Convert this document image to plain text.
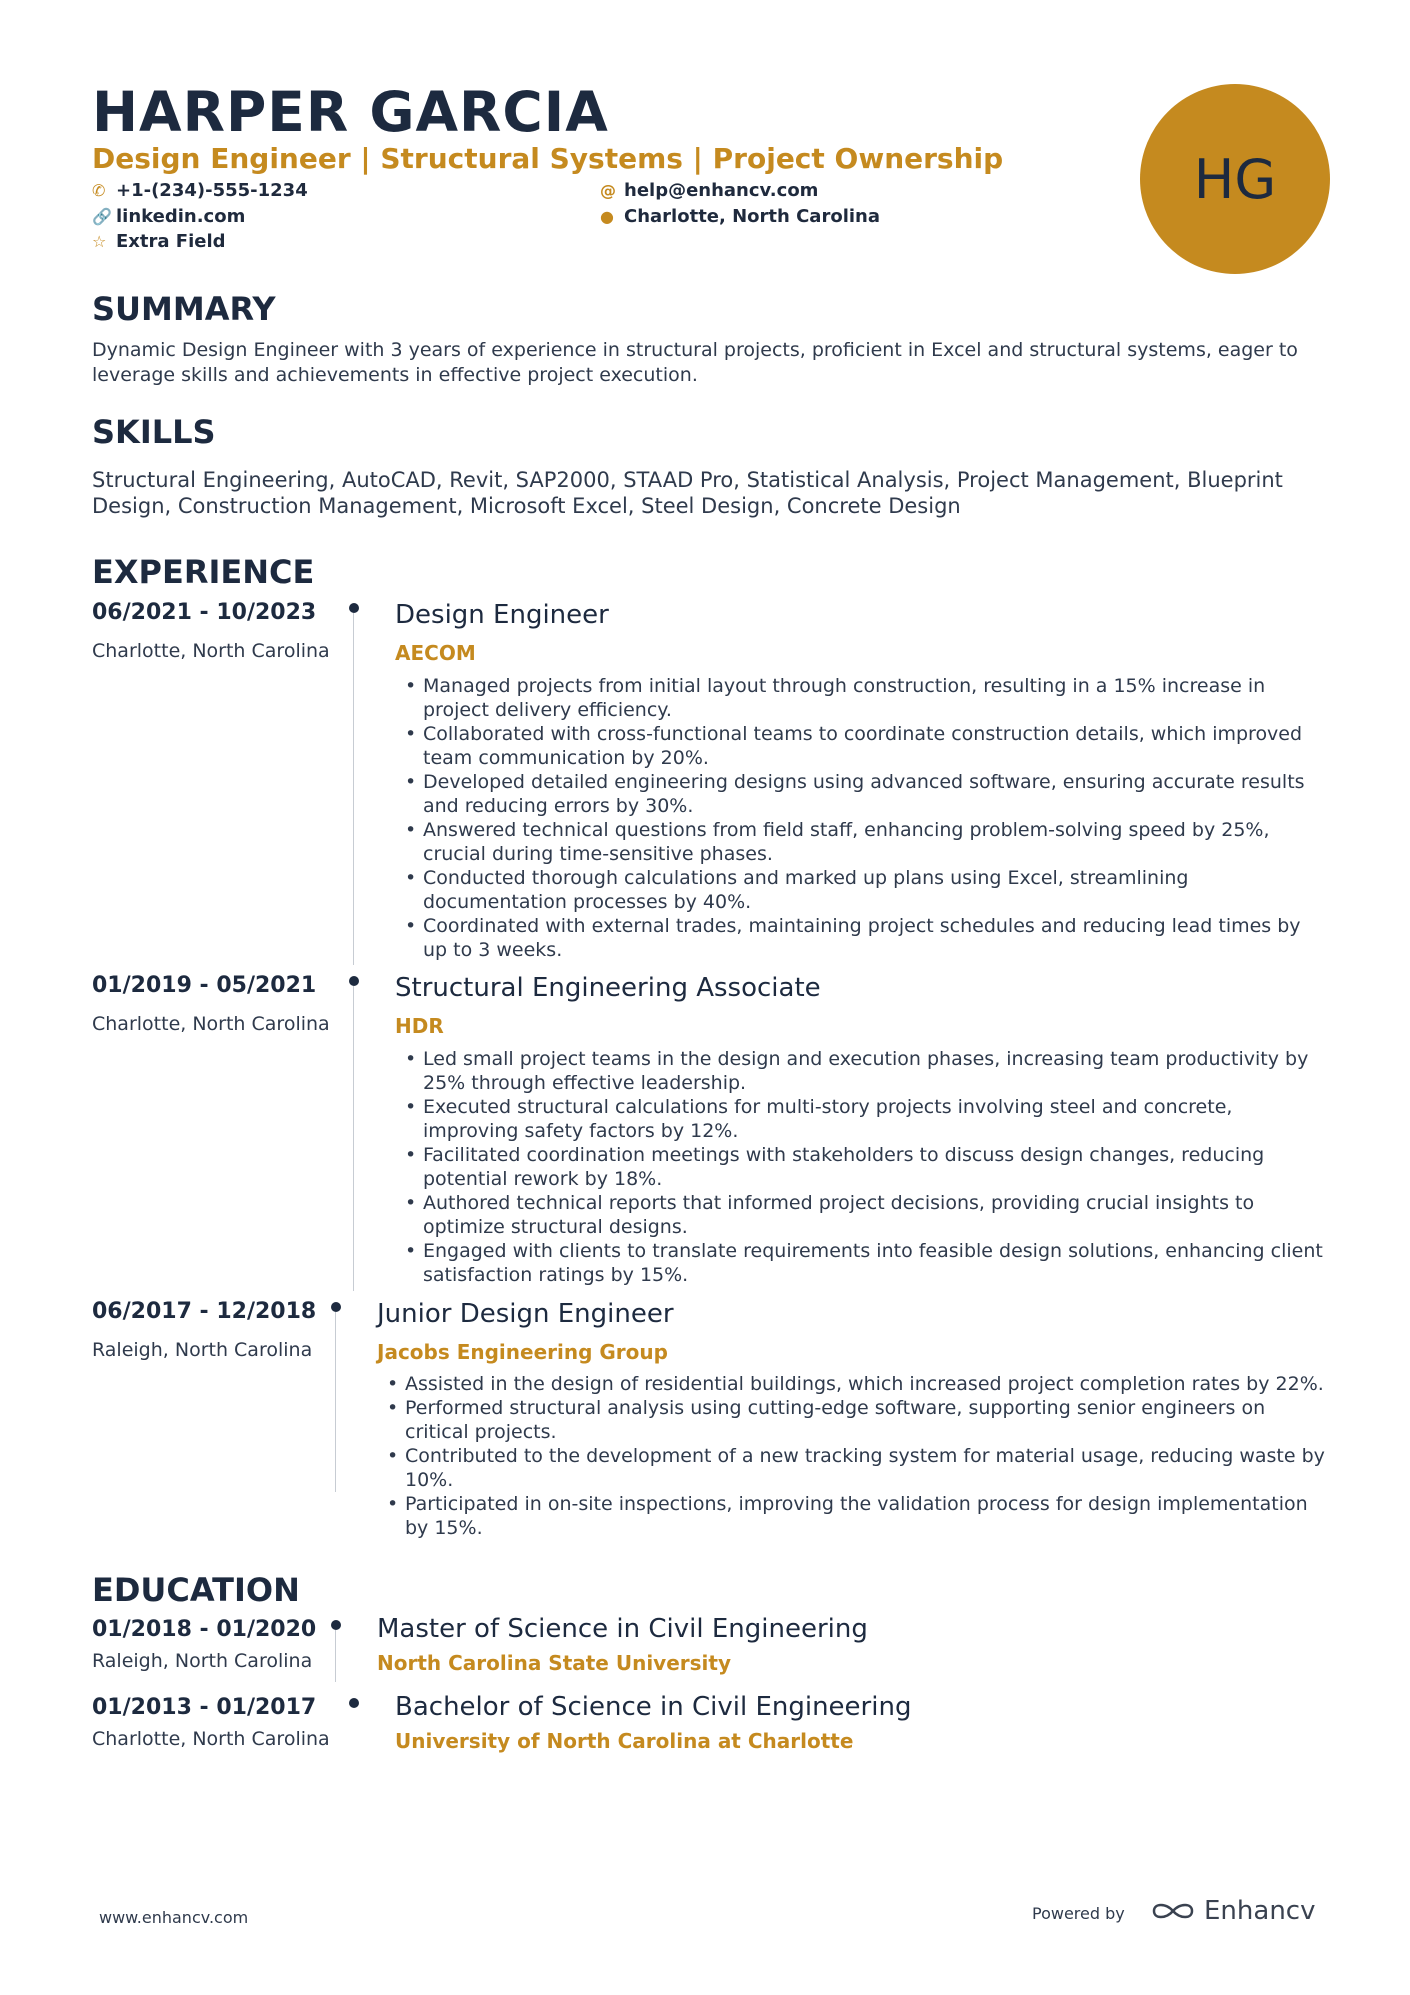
HARPER GARCIA
Design Engineer | Structural Systems | Project Ownership
✆ +1-(234)-555-1234	@ help@enhancv.com
🔗 linkedin.com	● Charlotte, North Carolina
☆ Extra Field
HG
SUMMARY
Dynamic Design Engineer with 3 years of experience in structural projects, proficient in Excel and structural systems, eager to leverage skills and achievements in effective project execution.
SKILLS
Structural Engineering, AutoCAD, Revit, SAP2000, STAAD Pro, Statistical Analysis, Project Management, Blueprint Design, Construction Management, Microsoft Excel, Steel Design, Concrete Design
EXPERIENCE
06/2021 - 10/2023
Charlotte, North Carolina
Design Engineer
AECOM
• Managed projects from initial layout through construction, resulting in a 15% increase in project delivery efficiency.
• Collaborated with cross-functional teams to coordinate construction details, which improved team communication by 20%.
• Developed detailed engineering designs using advanced software, ensuring accurate results and reducing errors by 30%.
• Answered technical questions from field staff, enhancing problem-solving speed by 25%, crucial during time-sensitive phases.
• Conducted thorough calculations and marked up plans using Excel, streamlining documentation processes by 40%.
• Coordinated with external trades, maintaining project schedules and reducing lead times by up to 3 weeks.
01/2019 - 05/2021
Charlotte, North Carolina
Structural Engineering Associate
HDR
• Led small project teams in the design and execution phases, increasing team productivity by 25% through effective leadership.
• Executed structural calculations for multi-story projects involving steel and concrete, improving safety factors by 12%.
• Facilitated coordination meetings with stakeholders to discuss design changes, reducing potential rework by 18%.
• Authored technical reports that informed project decisions, providing crucial insights to optimize structural designs.
• Engaged with clients to translate requirements into feasible design solutions, enhancing client satisfaction ratings by 15%.
06/2017 - 12/2018
Raleigh, North Carolina
Junior Design Engineer
Jacobs Engineering Group
• Assisted in the design of residential buildings, which increased project completion rates by 22%.
• Performed structural analysis using cutting-edge software, supporting senior engineers on critical projects.
• Contributed to the development of a new tracking system for material usage, reducing waste by 10%.
• Participated in on-site inspections, improving the validation process for design implementation by 15%.
EDUCATION
01/2018 - 01/2020
Raleigh, North Carolina
Master of Science in Civil Engineering
North Carolina State University
01/2013 - 01/2017
Charlotte, North Carolina
Bachelor of Science in Civil Engineering
University of North Carolina at Charlotte
www.enhancv.com	Powered by	Enhancv
